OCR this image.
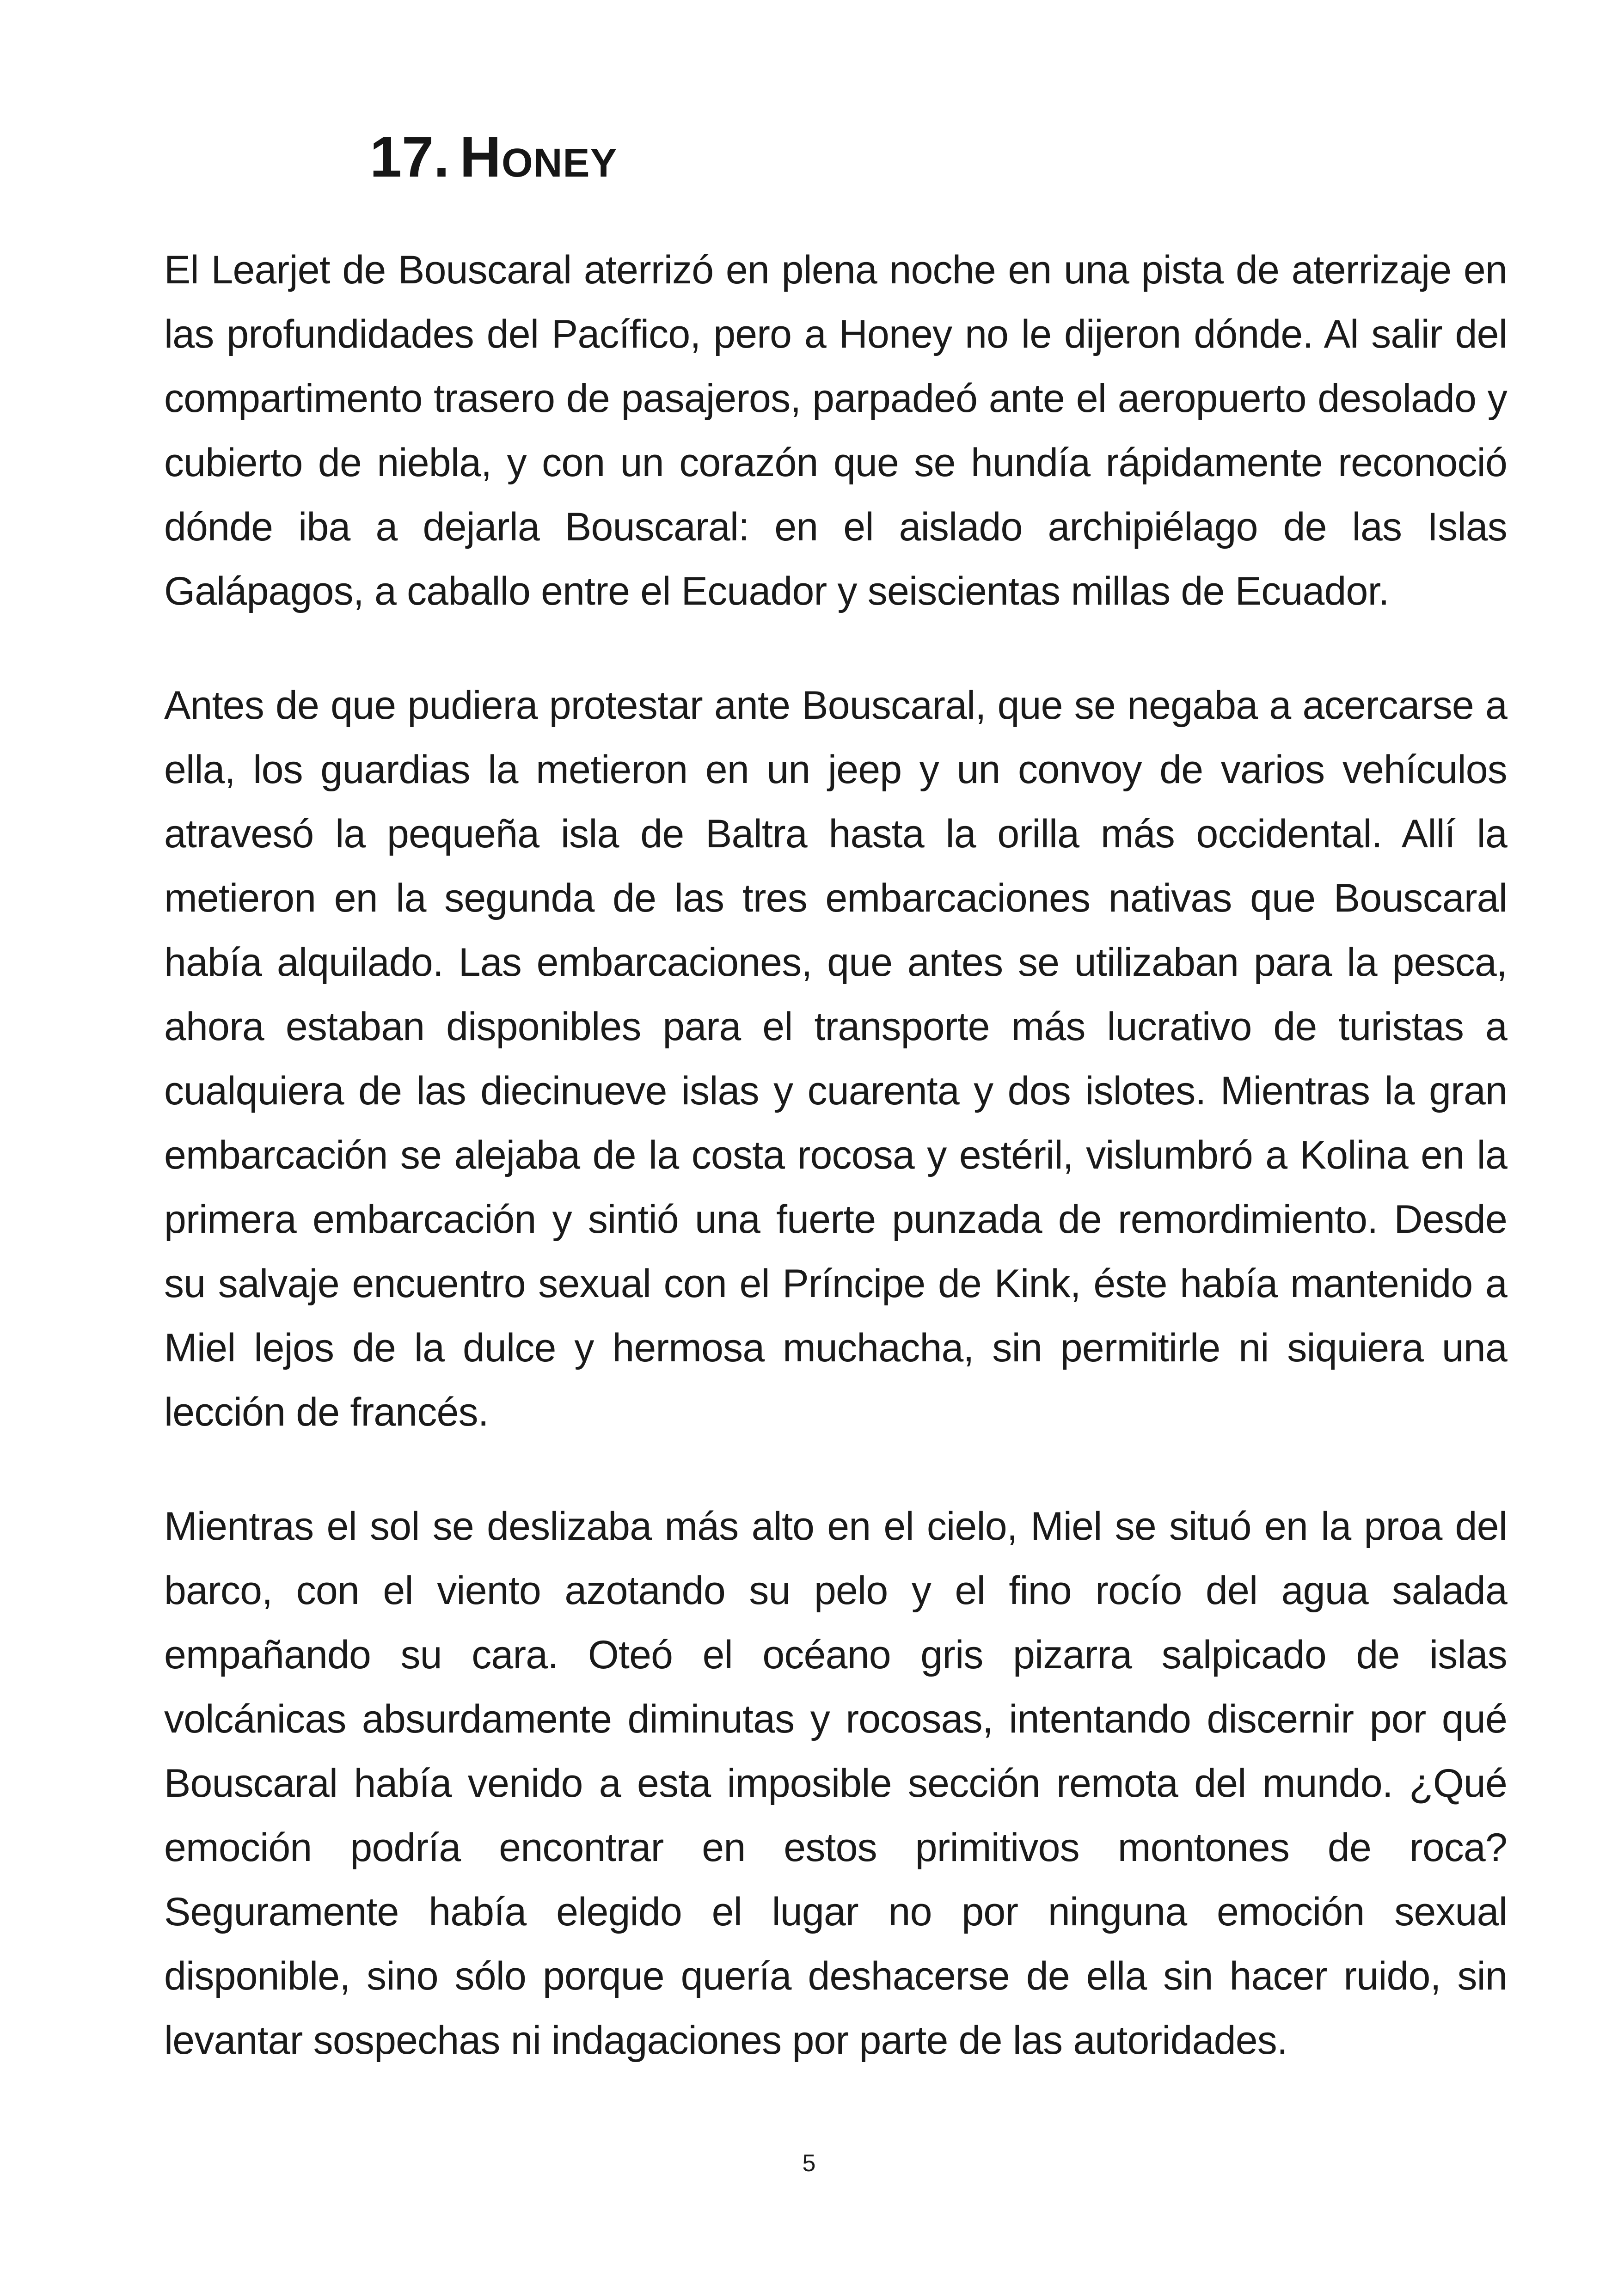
17. Honey

El Learjet de Bouscaral aterrizó en plena noche en una pista de aterrizaje en las profundidades del Pacífico, pero a Honey no le dijeron dónde. Al salir del compartimento trasero de pasajeros, parpadeó ante el aeropuerto desolado y cubierto de niebla, y con un corazón que se hundía rápidamente reconoció dónde iba a dejarla Bouscaral: en el aislado archipiélago de las Islas Galápagos, a caballo entre el Ecuador y seiscientas millas de Ecuador.

Antes de que pudiera protestar ante Bouscaral, que se negaba a acercarse a ella, los guardias la metieron en un jeep y un convoy de varios vehículos atravesó la pequeña isla de Baltra hasta la orilla más occidental. Allí la metieron en la segunda de las tres embarcaciones nativas que Bouscaral había alquilado. Las embarcaciones, que antes se utilizaban para la pesca, ahora estaban disponibles para el transporte más lucrativo de turistas a cualquiera de las diecinueve islas y cuarenta y dos islotes. Mientras la gran embarcación se alejaba de la costa rocosa y estéril, vislumbró a Kolina en la primera embarcación y sintió una fuerte punzada de remordimiento. Desde su salvaje encuentro sexual con el Príncipe de Kink, éste había mantenido a Miel lejos de la dulce y hermosa muchacha, sin permitirle ni siquiera una lección de francés.

Mientras el sol se deslizaba más alto en el cielo, Miel se situó en la proa del barco, con el viento azotando su pelo y el fino rocío del agua salada empañando su cara. Oteó el océano gris pizarra salpicado de islas volcánicas absurdamente diminutas y rocosas, intentando discernir por qué Bouscaral había venido a esta imposible sección remota del mundo. ¿Qué emoción podría encontrar en estos primitivos montones de roca? Seguramente había elegido el lugar no por ninguna emoción sexual disponible, sino sólo porque quería deshacerse de ella sin hacer ruido, sin levantar sospechas ni indagaciones por parte de las autoridades.

5
